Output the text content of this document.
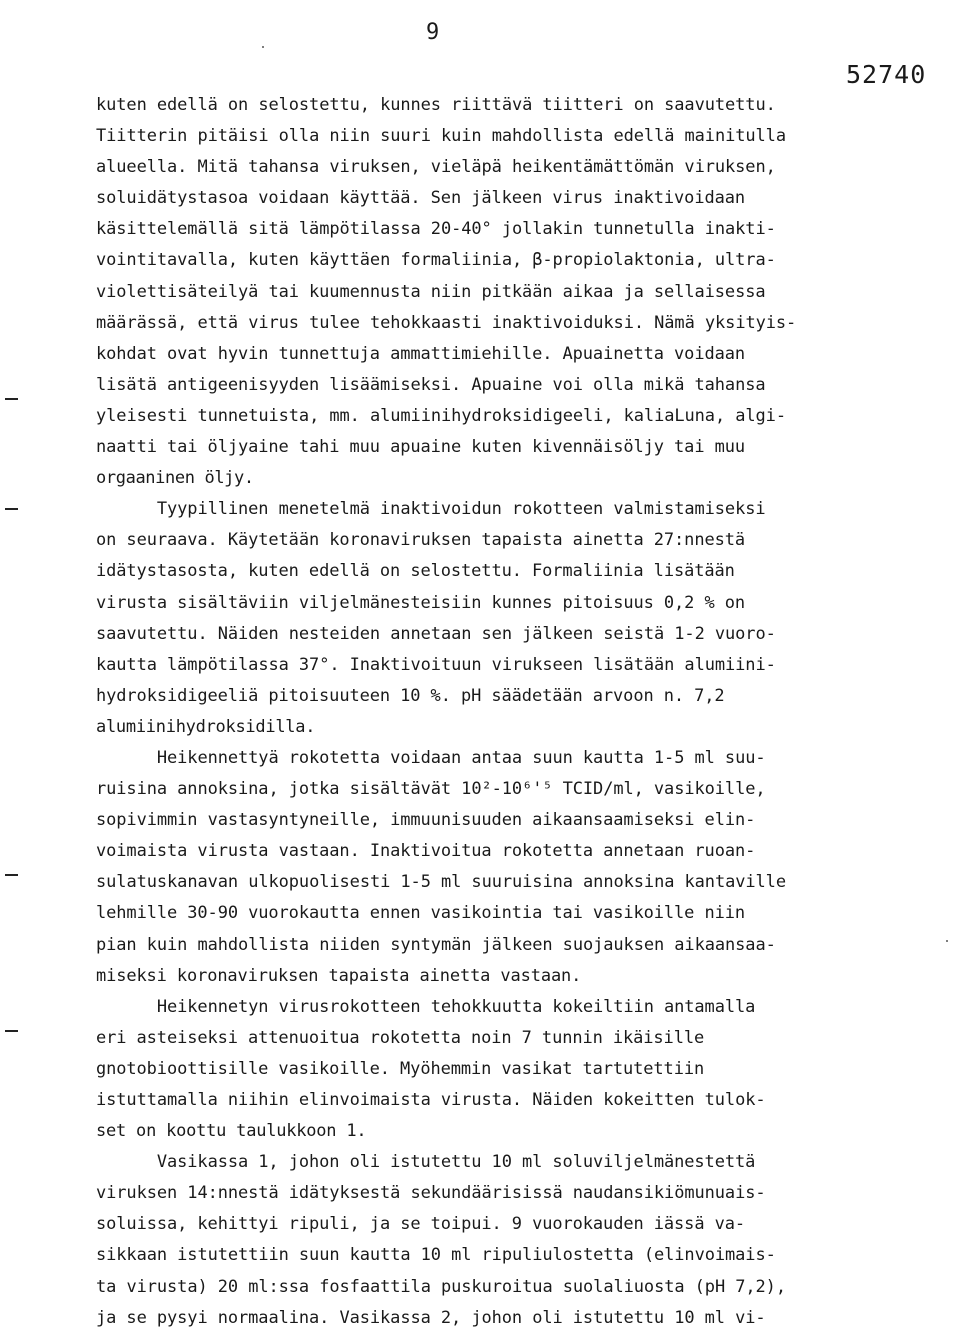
9
52740
kuten edellä on selostettu, kunnes riittävä tiitteri on saavutettu.
Tiitterin pitäisi olla niin suuri kuin mahdollista edellä mainitulla
alueella. Mitä tahansa viruksen, vieläpä heikentämättömän viruksen,
soluidätystasoa voidaan käyttää. Sen jälkeen virus inaktivoidaan
käsittelemällä sitä lämpötilassa 20-40° jollakin tunnetulla inakti-
vointitavalla, kuten käyttäen formaliinia, β-propiolaktonia, ultra-
violettisäteilyä tai kuumennusta niin pitkään aikaa ja sellaisessa
määrässä, että virus tulee tehokkaasti inaktivoiduksi. Nämä yksityis-
kohdat ovat hyvin tunnettuja ammattimiehille. Apuainetta voidaan
lisätä antigeenisyyden lisäämiseksi. Apuaine voi olla mikä tahansa
yleisesti tunnetuista, mm. alumiinihydroksidigeeli, kaliaLuna, algi-
naatti tai öljyaine tahi muu apuaine kuten kivennäisöljy tai muu
orgaaninen öljy.
Tyypillinen menetelmä inaktivoidun rokotteen valmistamiseksi
on seuraava. Käytetään koronaviruksen tapaista ainetta 27:nnestä
idätystasosta, kuten edellä on selostettu. Formaliinia lisätään
virusta sisältäviin viljelmänesteisiin kunnes pitoisuus 0,2 % on
saavutettu. Näiden nesteiden annetaan sen jälkeen seistä 1-2 vuoro-
kautta lämpötilassa 37°. Inaktivoituun virukseen lisätään alumiini-
hydroksidigeeliä pitoisuuteen 10 %. pH säädetään arvoon n. 7,2
alumiinihydroksidilla.
Heikennettyä rokotetta voidaan antaa suun kautta 1-5 ml suu-
ruisina annoksina, jotka sisältävät 10²-10⁶'⁵ TCID/ml, vasikoille,
sopivimmin vastasyntyneille, immuunisuuden aikaansaamiseksi elin-
voimaista virusta vastaan. Inaktivoitua rokotetta annetaan ruoan-
sulatuskanavan ulkopuolisesti 1-5 ml suuruisina annoksina kantaville
lehmille 30-90 vuorokautta ennen vasikointia tai vasikoille niin
pian kuin mahdollista niiden syntymän jälkeen suojauksen aikaansaa-
miseksi koronaviruksen tapaista ainetta vastaan.
Heikennetyn virusrokotteen tehokkuutta kokeiltiin antamalla
eri asteiseksi attenuoitua rokotetta noin 7 tunnin ikäisille
gnotobioottisille vasikoille. Myöhemmin vasikat tartutettiin
istuttamalla niihin elinvoimaista virusta. Näiden kokeitten tulok-
set on koottu taulukkoon 1.
Vasikassa 1, johon oli istutettu 10 ml soluviljelmänestettä
viruksen 14:nnestä idätyksestä sekundäärisissä naudansikiömunuais-
soluissa, kehittyi ripuli, ja se toipui. 9 vuorokauden iässä va-
sikkaan istutettiin suun kautta 10 ml ripuliulostetta (elinvoimais-
ta virusta) 20 ml:ssa fosfaattila puskuroitua suolaliuosta (pH 7,2),
ja se pysyi normaalina. Vasikassa 2, johon oli istutettu 10 ml vi-
